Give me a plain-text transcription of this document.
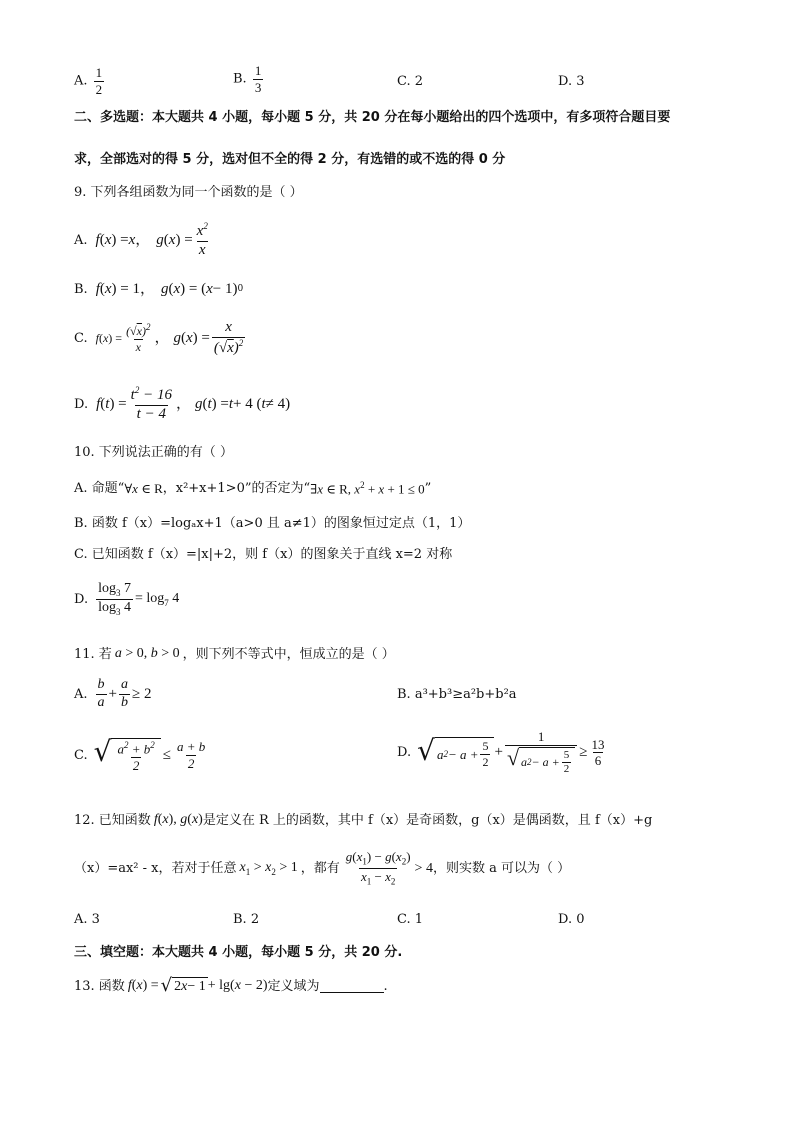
A. $\frac{1}{2}$	B. $\frac{1}{3}$	C. 2	D. 3
二、多选题：本大题共 4 小题，每小题 5 分，共 20 分在每小题给出的四个选项中，有多项符合题目要
求，全部选对的得 5 分，选对但不全的得 2 分，有选错的或不选的得 0 分
9. 下列各组函数为同一个函数的是（ ）
A. f ( x ) = x ， g ( x ) = $\frac{x^2}{x}$
B. f ( x ) = 1， g ( x ) = ( x − 1) 0
C. f ( x ) = $\frac{(√x)^2}{x}$ ， g ( x ) = $\frac{x}{(√x)^2}$
D. f ( t ) = $\frac{t^2 - 16}{t - 4}$ ， g ( t ) = t + 4 ( t ≠ 4)
10. 下列说法正确的有（ ）
A. 命题“ ∀x ∈ R ，x²+x+1>0”的否定为“ ∃x ∈ R, $x^2 + x + 1 \le 0$ ”
B. 函数 f（x）=logₐx+1（a>0 且 a≠1）的图象恒过定点（1，1）
C. 已知函数 f（x）=|x|+2，则 f（x）的图象关于直线 x=2 对称
D. $\frac{\log_3 7}{\log_3 4} = \log_7 4$
11. 若 a > 0, b > 0 ，则下列不等式中，恒成立的是（ ）
A. $\frac{b}{a} + \frac{a}{b} \ge 2$	B. a³+b³≥a²b+b²a
C. √ $\frac{a^2 + b^2}{2} \le \frac{a + b}{2}$	D. √ a $2 - a + \frac{5}{2} + \frac{1}{√ a 2 - a + \frac{5}{2}} \ge \frac{13}{6}$
12. 已知函数 f(x), g(x) 是定义在 R 上的函数，其中 f（x）是奇函数，g（x）是偶函数，且 f（x）+g
（x）=ax² - x，若对于任意 $x_1 > x_2 > 1$ ，都有 $\frac{g(x_1) - g(x_2)}{x_1 - x_2} > 4$ ，则实数 a 可以为（ ）
A. 3	B. 2	C. 1	D. 0
三、填空题：本大题共 4 小题，每小题 5 分，共 20 分.
13. 函数 f(x) = √ 2 x − 1 + lg(x − 2) 定义域为	.
